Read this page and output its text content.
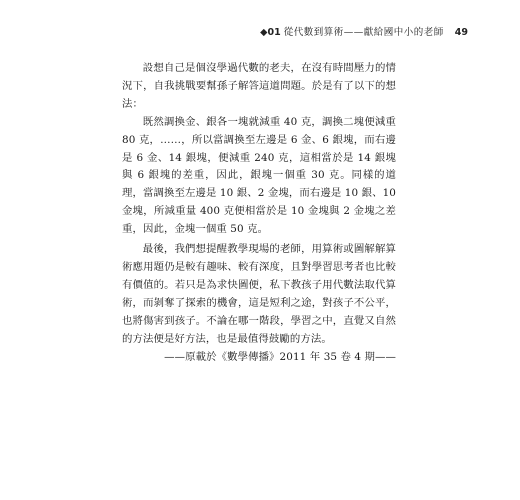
◆01 從代數到算術——獻給國中小的老師 49

設想自己是個沒學過代數的老夫，在沒有時間壓力的情況下，自我挑戰要幫孫子解答這道問題。於是有了以下的想法：

既然調換金、銀各一塊就減重 40 克，調換二塊便減重 80 克，……，所以當調換至左邊是 6 金、6 銀塊，而右邊是 6 金、14 銀塊，便減重 240 克，這相當於是 14 銀塊與 6 銀塊的差重，因此，銀塊一個重 30 克。同樣的道理，當調換至左邊是 10 銀、2 金塊，而右邊是 10 銀、10 金塊，所減重量 400 克便相當於是 10 金塊與 2 金塊之差重，因此，金塊一個重 50 克。

最後，我們想提醒教學現場的老師，用算術或圖解解算術應用題仍是較有趣味、較有深度，且對學習思考者也比較有價值的。若只是為求快圖便，私下教孩子用代數法取代算術，而剝奪了探索的機會，這是短利之途，對孩子不公平，也將傷害到孩子。不論在哪一階段，學習之中，直覺又自然的方法便是好方法，也是最值得鼓勵的方法。

——原載於《數學傳播》2011 年 35 卷 4 期——
